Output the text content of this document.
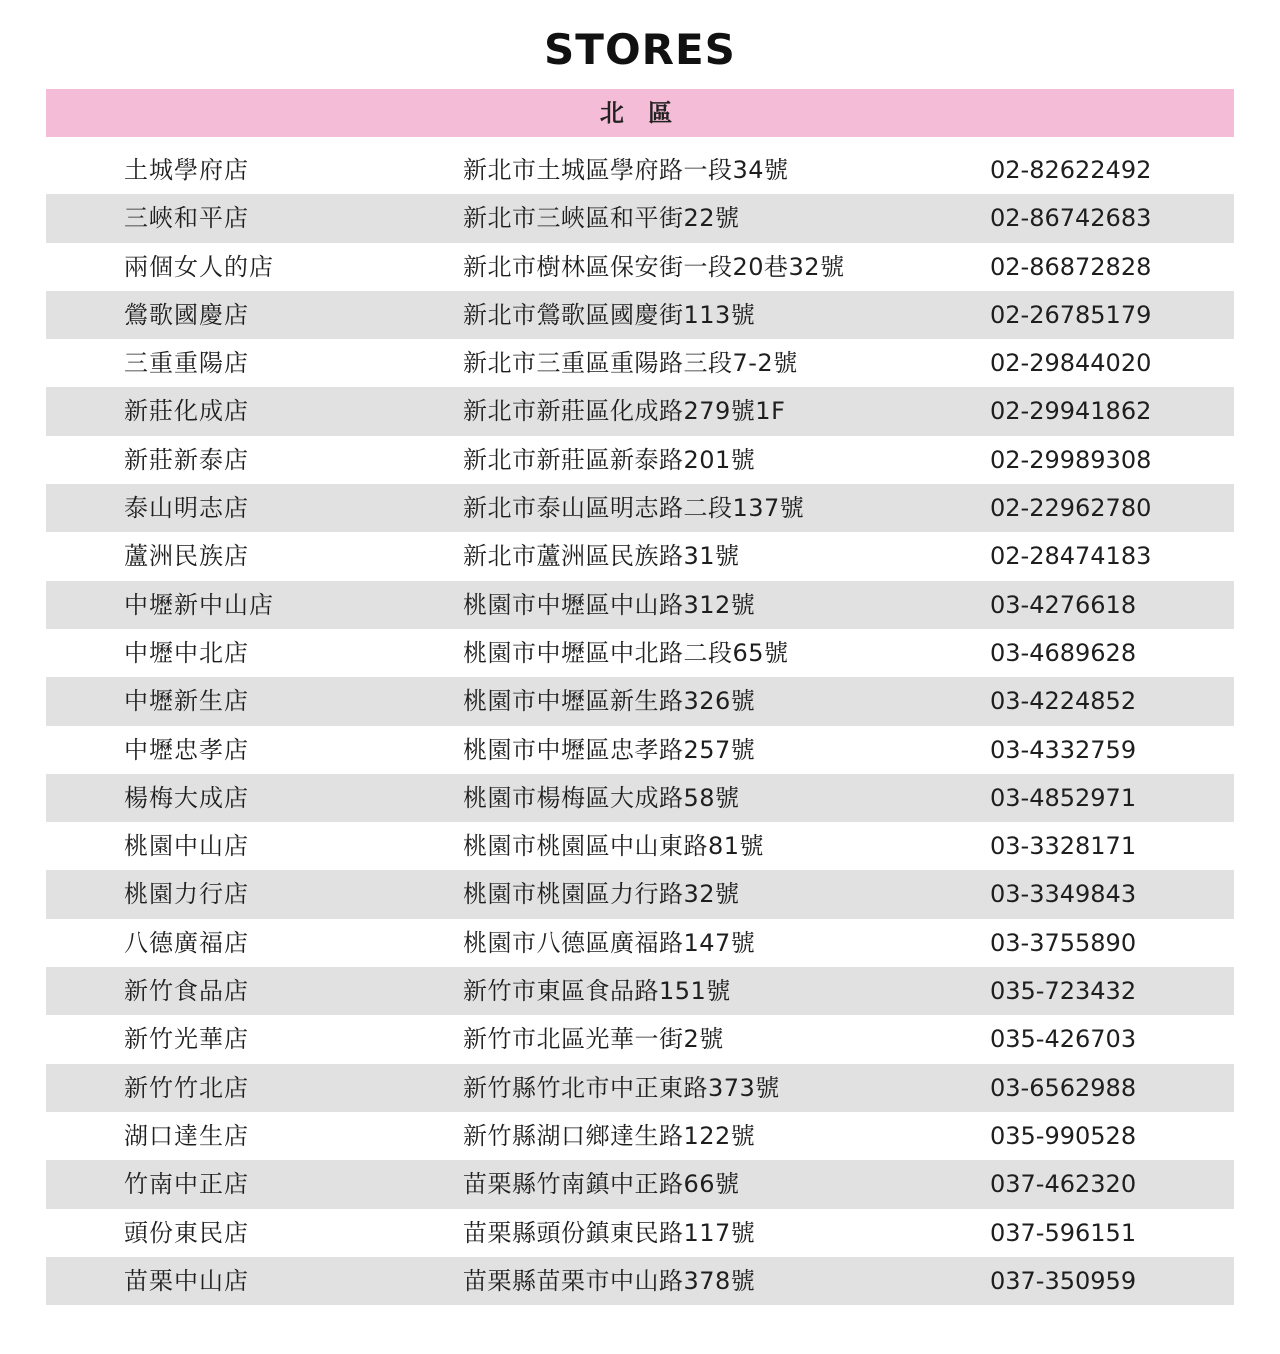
STORES
北 區
土城學府店	新北市土城區學府路一段34號	02-82622492
三峽和平店	新北市三峽區和平街22號	02-86742683
兩個女人的店	新北市樹林區保安街一段20巷32號	02-86872828
鶯歌國慶店	新北市鶯歌區國慶街113號	02-26785179
三重重陽店	新北市三重區重陽路三段7-2號	02-29844020
新莊化成店	新北市新莊區化成路279號1F	02-29941862
新莊新泰店	新北市新莊區新泰路201號	02-29989308
泰山明志店	新北市泰山區明志路二段137號	02-22962780
蘆洲民族店	新北市蘆洲區民族路31號	02-28474183
中壢新中山店	桃園市中壢區中山路312號	03-4276618
中壢中北店	桃園市中壢區中北路二段65號	03-4689628
中壢新生店	桃園市中壢區新生路326號	03-4224852
中壢忠孝店	桃園市中壢區忠孝路257號	03-4332759
楊梅大成店	桃園市楊梅區大成路58號	03-4852971
桃園中山店	桃園市桃園區中山東路81號	03-3328171
桃園力行店	桃園市桃園區力行路32號	03-3349843
八德廣福店	桃園市八德區廣福路147號	03-3755890
新竹食品店	新竹市東區食品路151號	035-723432
新竹光華店	新竹市北區光華一街2號	035-426703
新竹竹北店	新竹縣竹北市中正東路373號	03-6562988
湖口達生店	新竹縣湖口鄉達生路122號	035-990528
竹南中正店	苗栗縣竹南鎮中正路66號	037-462320
頭份東民店	苗栗縣頭份鎮東民路117號	037-596151
苗栗中山店	苗栗縣苗栗市中山路378號	037-350959
